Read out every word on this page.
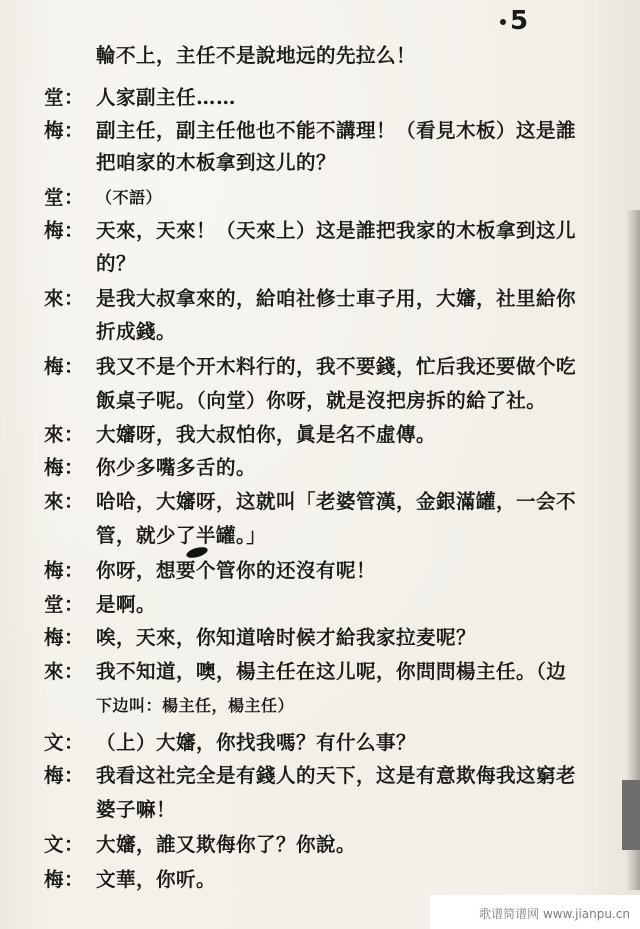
5
輪不上，主任不是說地远的先拉么！
堂： 人家副主任……
梅： 副主任，副主任他也不能不講理！（看見木板）这是誰
把咱家的木板拿到这儿的？
堂： （不語）
梅： 天來，天來！（天來上）这是誰把我家的木板拿到这儿
的？
來： 是我大叔拿來的，給咱社修士車子用，大嬸，社里給你
折成錢。
梅： 我又不是个开木料行的，我不要錢，忙后我还要做个吃
飯桌子呢。（向堂）你呀，就是沒把房拆的給了社。
來： 大嬸呀，我大叔怕你，眞是名不虛傳。
梅： 你少多嘴多舌的。
來： 哈哈，大嬸呀，这就叫「老婆管漢，金銀滿罐，一会不
管，就少了半罐。」
梅： 你呀，想要个管你的还沒有呢！
堂： 是啊。
梅： 唉，天來，你知道啥时候才給我家拉麦呢？
來： 我不知道，噢，楊主任在这儿呢，你問問楊主任。（边
下边叫：楊主任，楊主任）
文： （上）大嬸，你找我嗎？有什么事？
梅： 我看这社完全是有錢人的天下，这是有意欺侮我这窮老
婆子嘛！
文： 大嬸，誰又欺侮你了？你說。
梅： 文華，你听。
歌谱简谱网 www.jianpu.cn
